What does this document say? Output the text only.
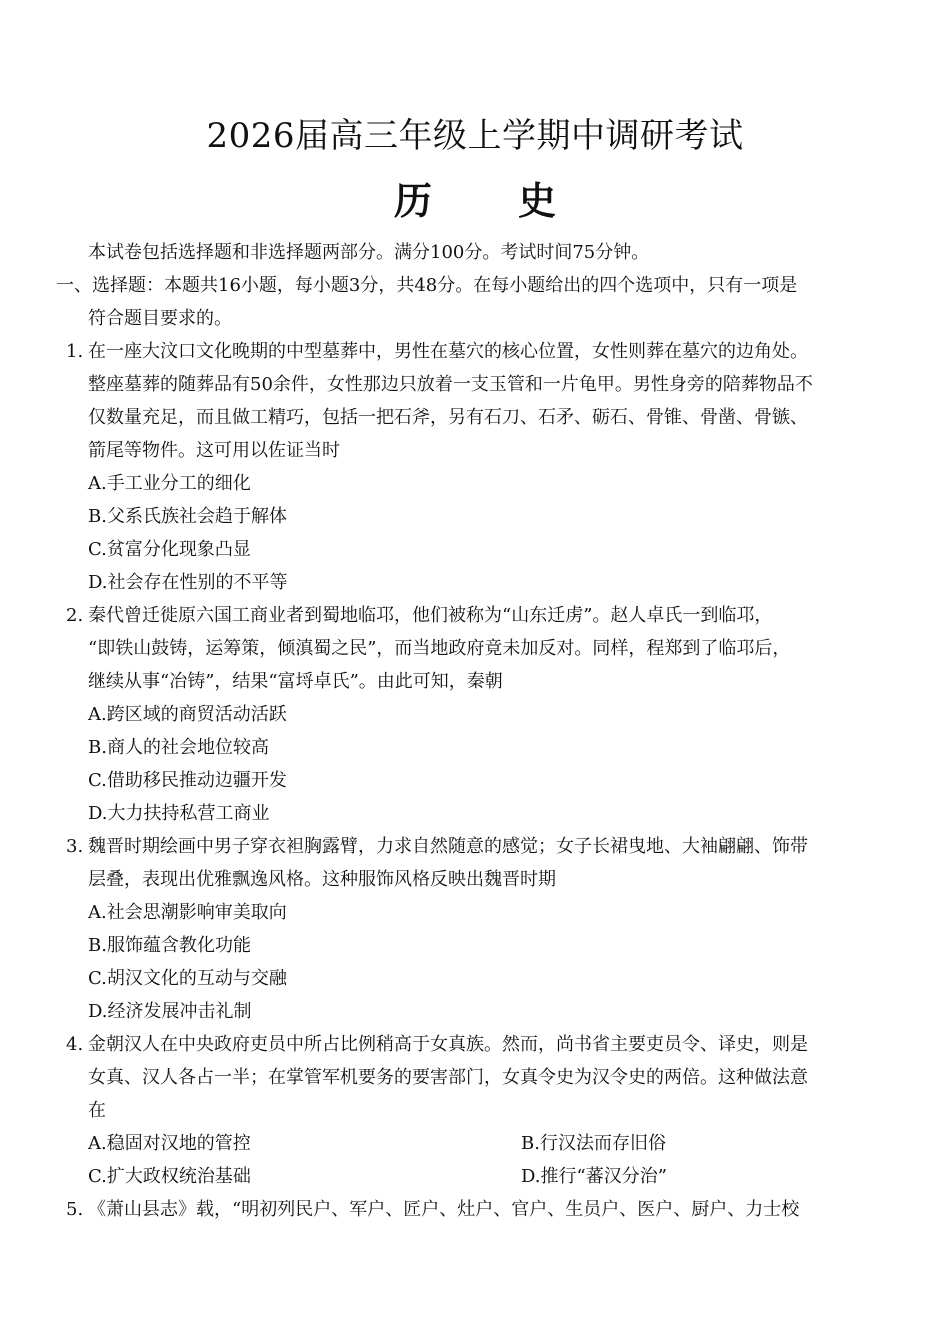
2026届高三年级上学期中调研考试
历 史
本试卷包括选择题和非选择题两部分。满分100分。考试时间75分钟。
一、选择题：本题共16小题，每小题3分，共48分。在每小题给出的四个选项中，只有一项是
符合题目要求的。
1. 在一座大汶口文化晚期的中型墓葬中，男性在墓穴的核心位置，女性则葬在墓穴的边角处。
整座墓葬的随葬品有50余件，女性那边只放着一支玉管和一片龟甲。男性身旁的陪葬物品不
仅数量充足，而且做工精巧，包括一把石斧，另有石刀、石矛、砺石、骨锥、骨凿、骨镞、
箭尾等物件。这可用以佐证当时
A.手工业分工的细化
B.父系氏族社会趋于解体
C.贫富分化现象凸显
D.社会存在性别的不平等
2. 秦代曾迁徙原六国工商业者到蜀地临邛，他们被称为“山东迁虏”。赵人卓氏一到临邛，
“即铁山鼓铸，运筹策，倾滇蜀之民”，而当地政府竟未加反对。同样，程郑到了临邛后，
继续从事“冶铸”，结果“富埒卓氏”。由此可知，秦朝
A.跨区域的商贸活动活跃
B.商人的社会地位较高
C.借助移民推动边疆开发
D.大力扶持私营工商业
3. 魏晋时期绘画中男子穿衣袒胸露臂，力求自然随意的感觉；女子长裙曳地、大袖翩翩、饰带
层叠，表现出优雅飘逸风格。这种服饰风格反映出魏晋时期
A.社会思潮影响审美取向
B.服饰蕴含教化功能
C.胡汉文化的互动与交融
D.经济发展冲击礼制
4. 金朝汉人在中央政府吏员中所占比例稍高于女真族。然而，尚书省主要吏员令、译史，则是
女真、汉人各占一半；在掌管军机要务的要害部门，女真令史为汉令史的两倍。这种做法意
在
A.稳固对汉地的管控	B.行汉法而存旧俗
C.扩大政权统治基础	D.推行“蕃汉分治”
5. 《萧山县志》载，“明初列民户、军户、匠户、灶户、官户、生员户、医户、厨户、力士校
